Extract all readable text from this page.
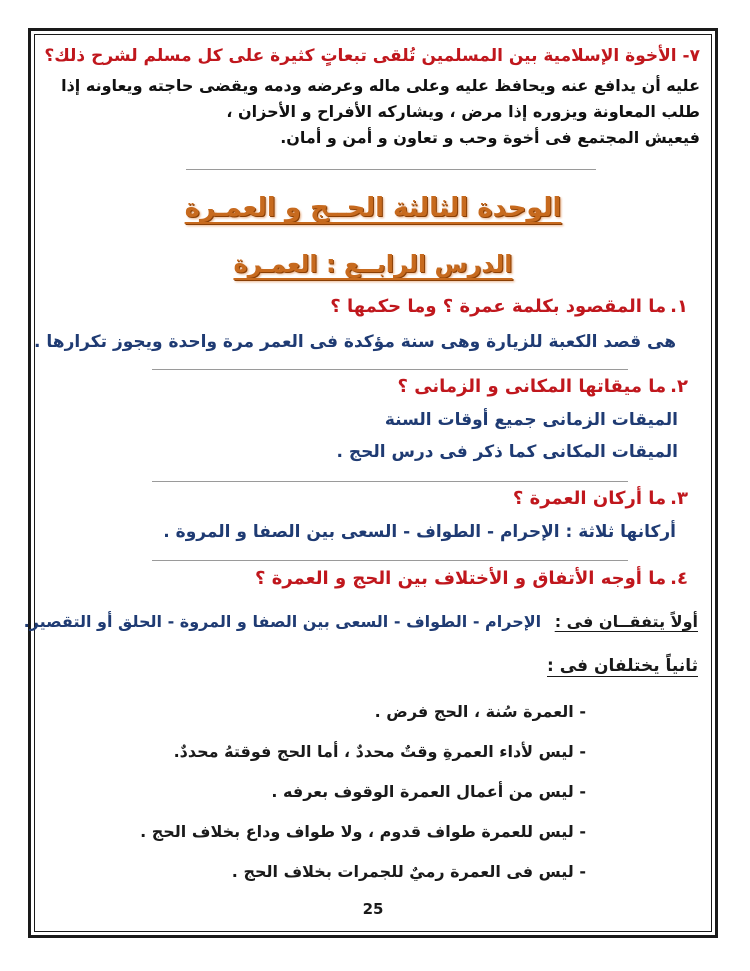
٧- الأخوة الإسلامية بين المسلمين تُلقى تبعاتٍ كثيرة على كل مسلم لشرح ذلك؟
عليه أن يدافع عنه ويحافظ عليه وعلى ماله وعرضه ودمه ويقضى حاجته ويعاونه إذا
طلب المعاونة ويزوره إذا مرض ، ويشاركه الأفراح و الأحزان ،
فيعيش المجتمع فى أخوة وحب و تعاون و أمن و أمان.
الوحدة الثالثة الحــج و العمـرة
الدرس الرابــع : العمـرة
١.ما المقصود بكلمة عمرة ؟ وما حكمها ؟
هى قصد الكعبة للزيارة وهى سنة مؤكدة فى العمر مرة واحدة ويجوز تكرارها .
٢.ما ميقاتها المكانى و الزمانى ؟
الميقات الزمانى جميع أوقات السنة
الميقات المكانى كما ذكر فى درس الحج .
٣.ما أركان العمرة ؟
أركانها ثلاثة : الإحرام - الطواف - السعى بين الصفا و المروة .
٤.ما أوجه الأتفاق و الأختلاف بين الحج و العمرة ؟
أولاً يتفقــان فى : الإحرام - الطواف - السعى بين الصفا و المروة - الحلق أو التقصير.
ثانياً يختلفان فى :
- العمرة سُنة ، الحج فرض .
- ليس لأداء العمرةِ وقتٌ محددٌ ، أما الحج فوقتهُ محددٌ.
- ليس من أعمال العمرة الوقوف بعرفه .
- ليس للعمرة طواف قدوم ، ولا طواف وداع بخلاف الحج .
- ليس فى العمرة رميٌ للجمرات بخلاف الحج .
25
